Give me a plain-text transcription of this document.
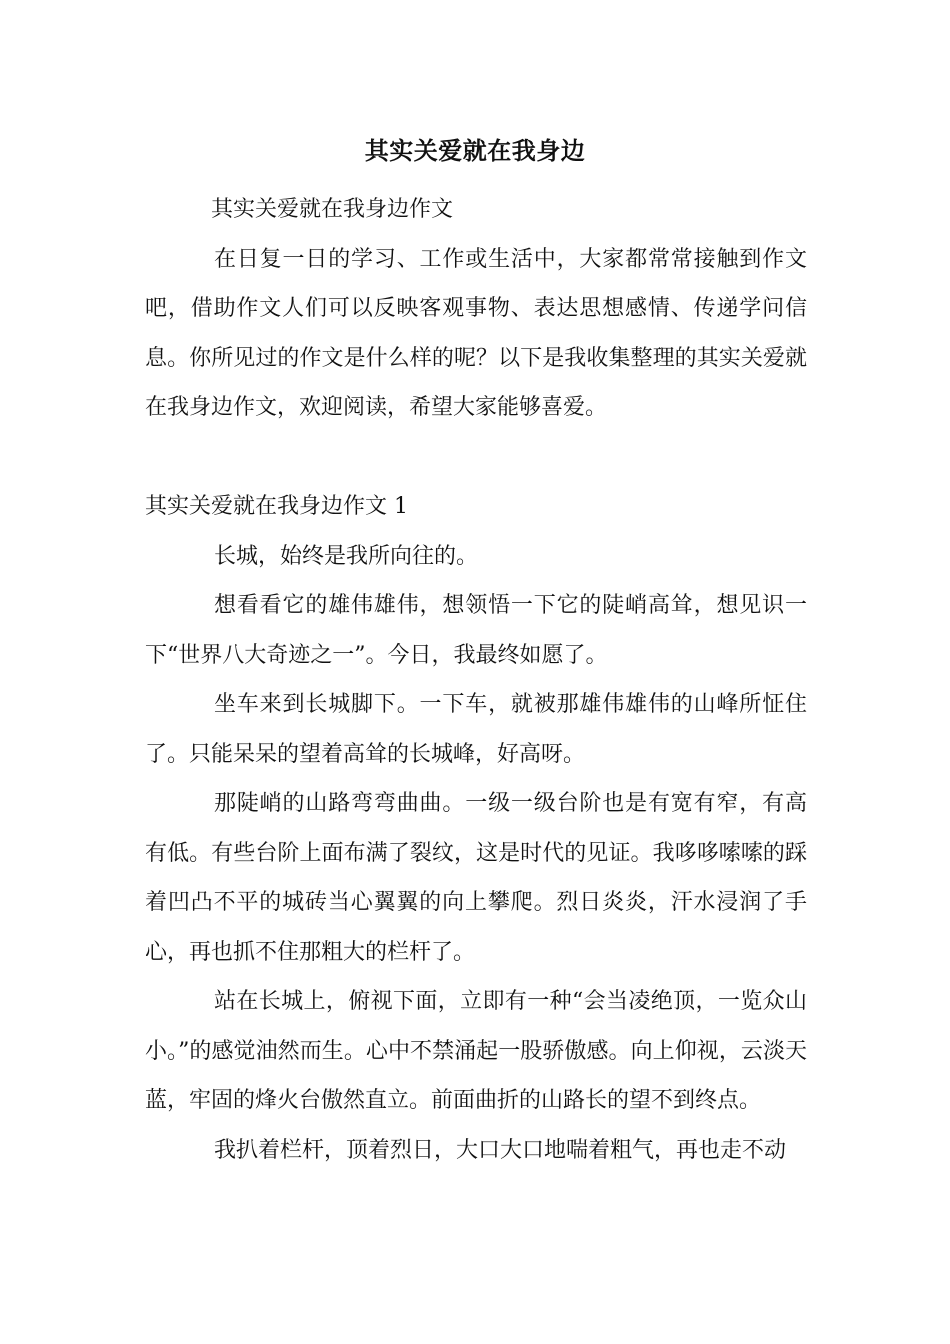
其实关爱就在我身边

其实关爱就在我身边作文

在日复一日的学习、工作或生活中，大家都常常接触到作文吧，借助作文人们可以反映客观事物、表达思想感情、传递学问信息。你所见过的作文是什么样的呢？以下是我收集整理的其实关爱就在我身边作文，欢迎阅读，希望大家能够喜爱。

其实关爱就在我身边作文 1

长城，始终是我所向往的。

想看看它的雄伟雄伟，想领悟一下它的陡峭高耸，想见识一下“世界八大奇迹之一”。今日，我最终如愿了。

坐车来到长城脚下。一下车，就被那雄伟雄伟的山峰所怔住了。只能呆呆的望着高耸的长城峰，好高呀。

那陡峭的山路弯弯曲曲。一级一级台阶也是有宽有窄，有高有低。有些台阶上面布满了裂纹，这是时代的见证。我哆哆嗦嗦的踩着凹凸不平的城砖当心翼翼的向上攀爬。烈日炎炎，汗水浸润了手心，再也抓不住那粗大的栏杆了。

站在长城上，俯视下面，立即有一种“会当凌绝顶，一览众山小。”的感觉油然而生。心中不禁涌起一股骄傲感。向上仰视，云淡天蓝，牢固的烽火台傲然直立。前面曲折的山路长的望不到终点。

我扒着栏杆，顶着烈日，大口大口地喘着粗气，再也走不动
